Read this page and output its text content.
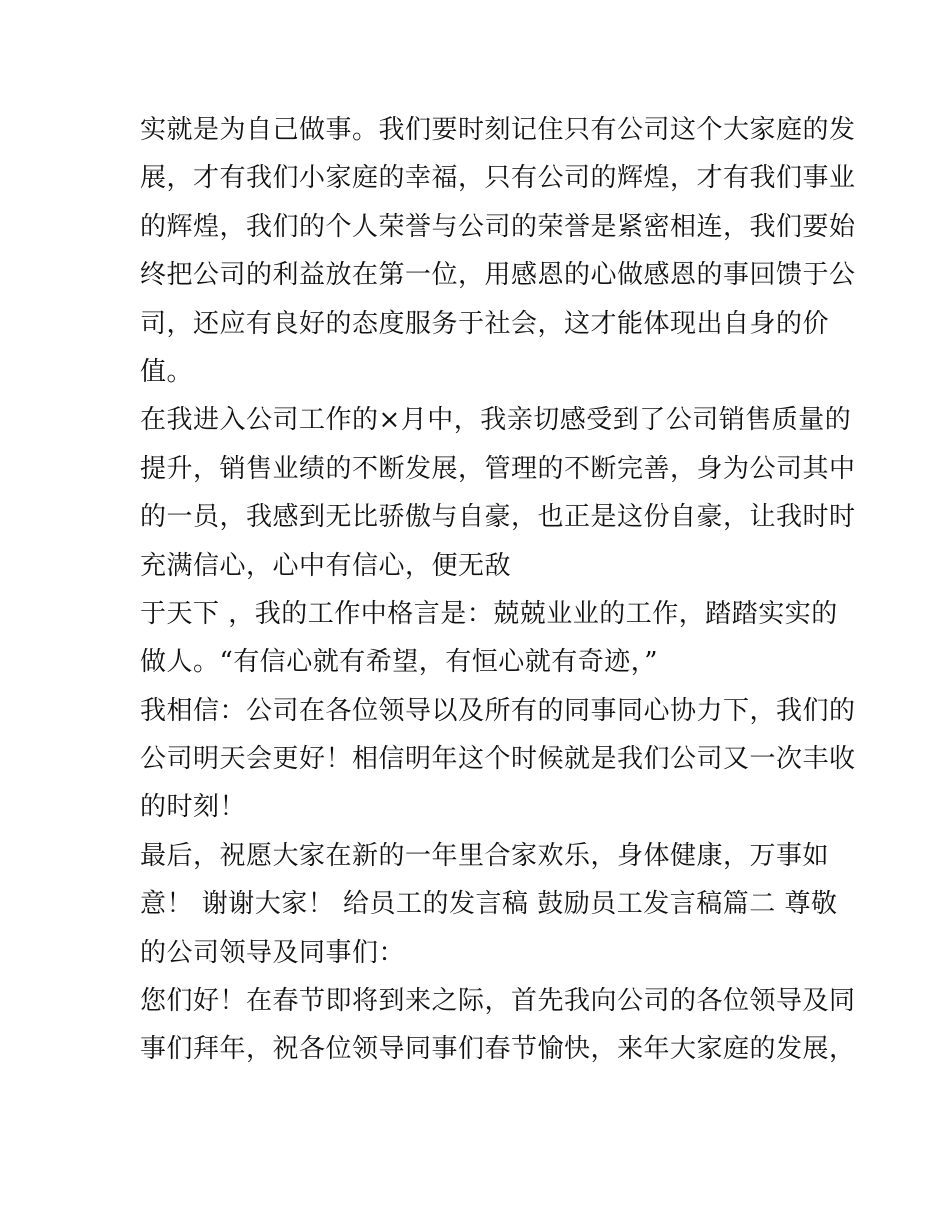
实就是为自己做事。我们要时刻记住只有公司这个大家庭的发
展，才有我们小家庭的幸福，只有公司的辉煌，才有我们事业
的辉煌，我们的个人荣誉与公司的荣誉是紧密相连，我们要始
终把公司的利益放在第一位，用感恩的心做感恩的事回馈于公
司，还应有良好的态度服务于社会，这才能体现出自身的价
值。
在我进入公司工作的×月中，我亲切感受到了公司销售质量的
提升，销售业绩的不断发展，管理的不断完善，身为公司其中
的一员，我感到无比骄傲与自豪，也正是这份自豪，让我时时
充满信心，心中有信心，便无敌
于天下 ，我的工作中格言是：兢兢业业的工作，踏踏实实的
做人。“有信心就有希望，有恒心就有奇迹，”
我相信：公司在各位领导以及所有的同事同心协力下，我们的
公司明天会更好！相信明年这个时候就是我们公司又一次丰收
的时刻！
最后，祝愿大家在新的一年里合家欢乐，身体健康，万事如
意！ 谢谢大家！ 给员工的发言稿 鼓励员工发言稿篇二 尊敬
的公司领导及同事们：
您们好！在春节即将到来之际，首先我向公司的各位领导及同
事们拜年，祝各位领导同事们春节愉快，来年大家庭的发展，
